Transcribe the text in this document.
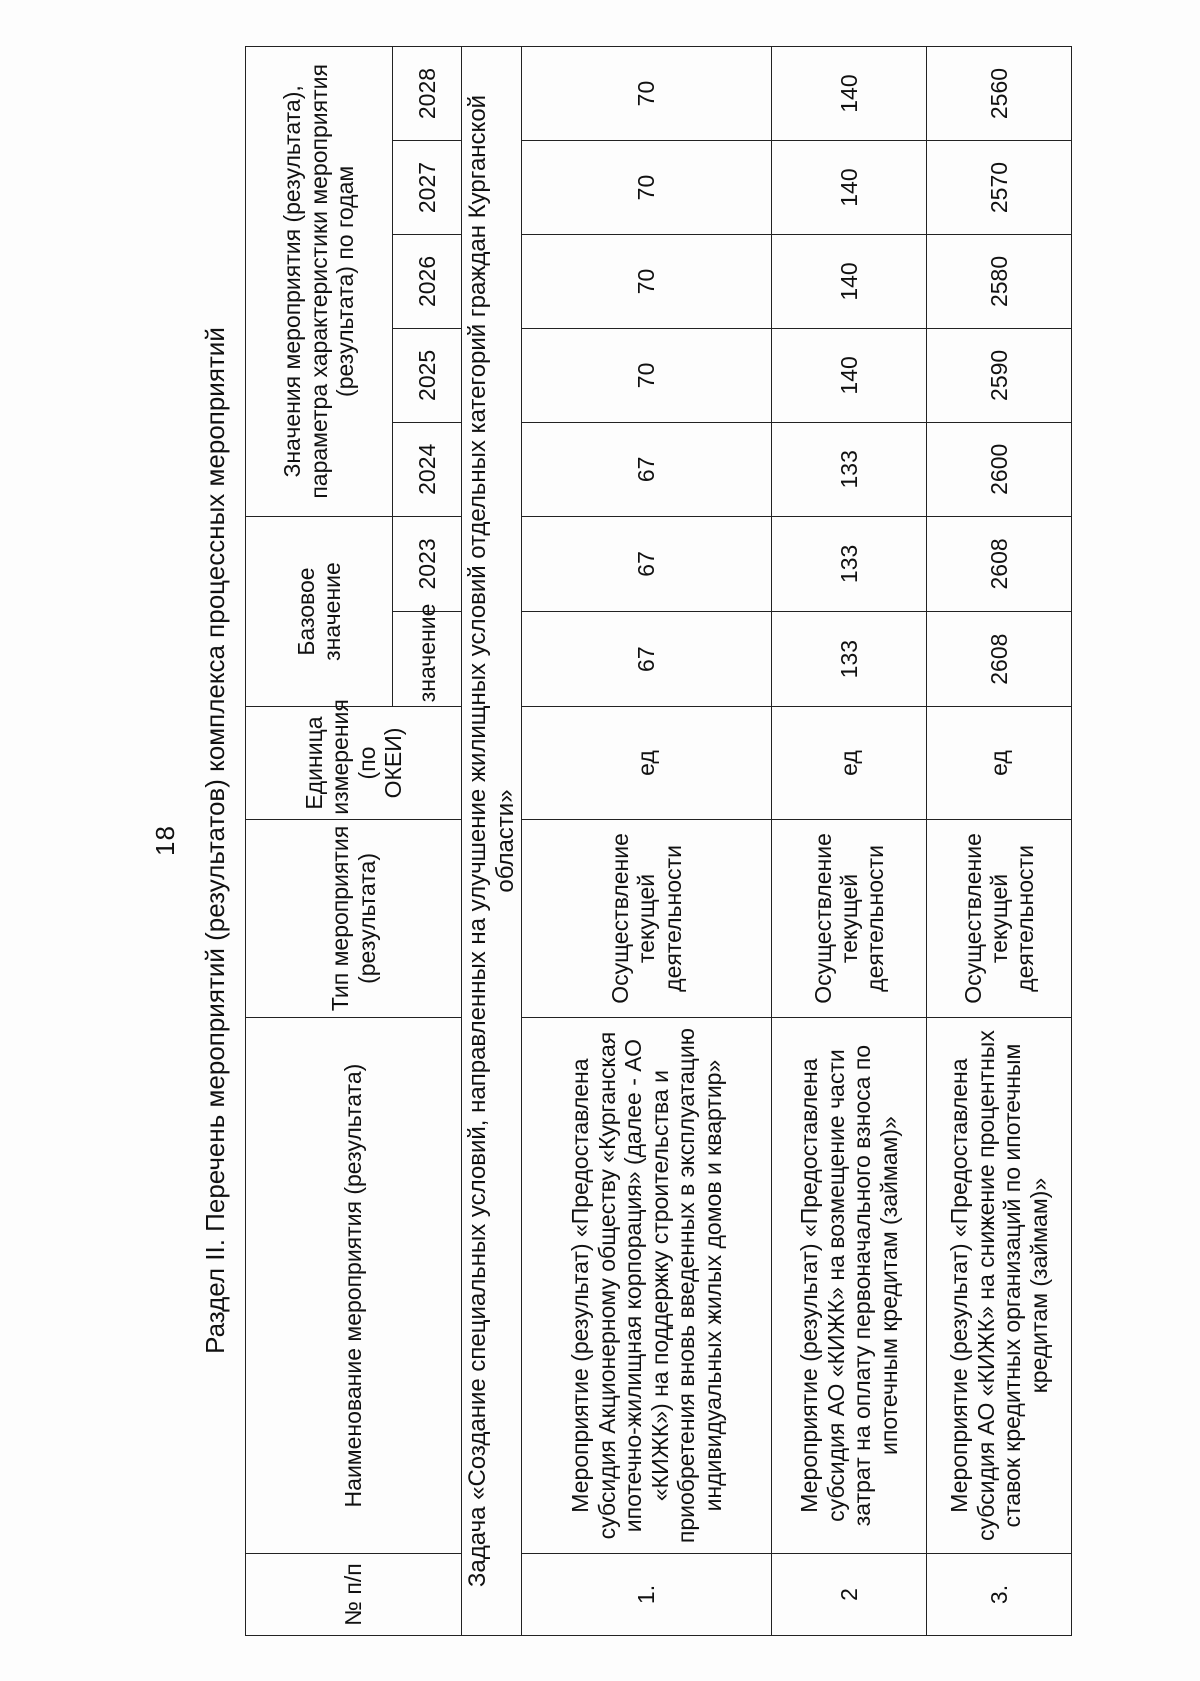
18 Раздел II. Перечень мероприятий (результатов) комплекса процессных мероприятий
№ п/п	Наименование мероприятия (результата)	Тип мероприятия (результата)	Единица измерения (по ОКЕИ)	Базовое значение		Значения мероприятия (результата), параметра характеристики мероприятия (результата) по годам				
				значение	2023	2024	2025	2026	2027	2028
Задача «Создание специальных условий, направленных на улучшение жилищных условий отдельных категорий граждан Курганской области»										
1.	Мероприятие (результат) «Предоставлена субсидия Акционерному обществу «Курганская ипотечно-жилищная корпорация» (далее - АО «КИЖК») на поддержку строительства и приобретения вновь введенных в эксплуатацию индивидуальных жилых домов и квартир»	Осуществление текущей деятельности	ед	67	67	67	70	70	70	70
2	Мероприятие (результат) «Предоставлена субсидия АО «КИЖК» на возмещение части затрат на оплату первоначального взноса по ипотечным кредитам (займам)»	Осуществление текущей деятельности	ед	133	133	133	140	140	140	140
3.	Мероприятие (результат) «Предоставлена субсидия АО «КИЖК» на снижение процентных ставок кредитных организаций по ипотечным кредитам (займам)»	Осуществление текущей деятельности	ед	2608	2608	2600	2590	2580	2570	2560
